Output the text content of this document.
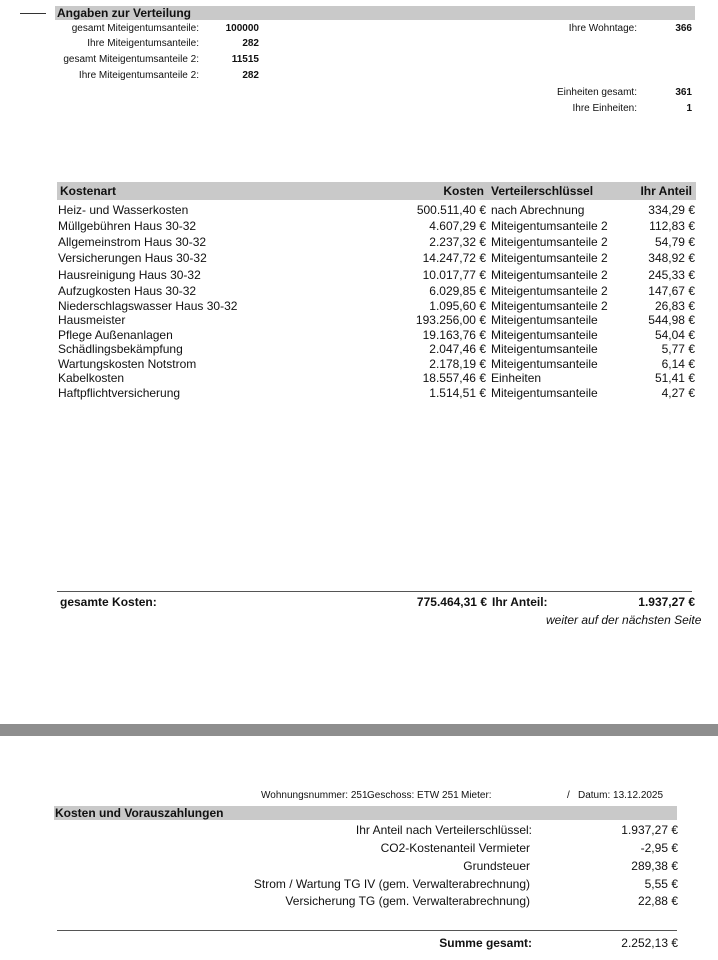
Angaben zur Verteilung
gesamt Miteigentumsanteile:	100000
Ihre Miteigentumsanteile:	282
gesamt Miteigentumsanteile 2:	11515
Ihre Miteigentumsanteile 2:	282
Ihre Wohntage:	366
Einheiten gesamt:	361
Ihre Einheiten:	1
Kostenart	Kosten Verteilerschlüssel	Ihr Anteil
Heiz- und Wasserkosten	500.511,40 € nach Abrechnung	334,29 €
Müllgebühren Haus 30-32	4.607,29 € Miteigentumsanteile 2	112,83 €
Allgemeinstrom Haus 30-32	2.237,32 € Miteigentumsanteile 2	54,79 €
Versicherungen Haus 30-32	14.247,72 € Miteigentumsanteile 2	348,92 €
Hausreinigung Haus 30-32	10.017,77 € Miteigentumsanteile 2	245,33 €
Aufzugkosten Haus 30-32	6.029,85 € Miteigentumsanteile 2	147,67 €
Niederschlagswasser Haus 30-32	1.095,60 € Miteigentumsanteile 2	26,83 €
Hausmeister	193.256,00 € Miteigentumsanteile	544,98 €
Pflege Außenanlagen	19.163,76 € Miteigentumsanteile	54,04 €
Schädlingsbekämpfung	2.047,46 € Miteigentumsanteile	5,77 €
Wartungskosten Notstrom	2.178,19 € Miteigentumsanteile	6,14 €
Kabelkosten	18.557,46 € Einheiten	51,41 €
Haftpflichtversicherung	1.514,51 € Miteigentumsanteile	4,27 €
gesamte Kosten:	775.464,31 € Ihr Anteil:	1.937,27 €
weiter auf der nächsten Seite
Wohnungsnummer: 251 Geschoss: ETW 251 Mieter:	/ Datum: 13.12.2025
Kosten und Vorauszahlungen
Ihr Anteil nach Verteilerschlüssel:	1.937,27 €
CO2-Kostenanteil Vermieter	-2,95 €
Grundsteuer	289,38 €
Strom / Wartung TG IV (gem. Verwalterabrechnung)	5,55 €
Versicherung TG (gem. Verwalterabrechnung)	22,88 €
Summe gesamt:	2.252,13 €
